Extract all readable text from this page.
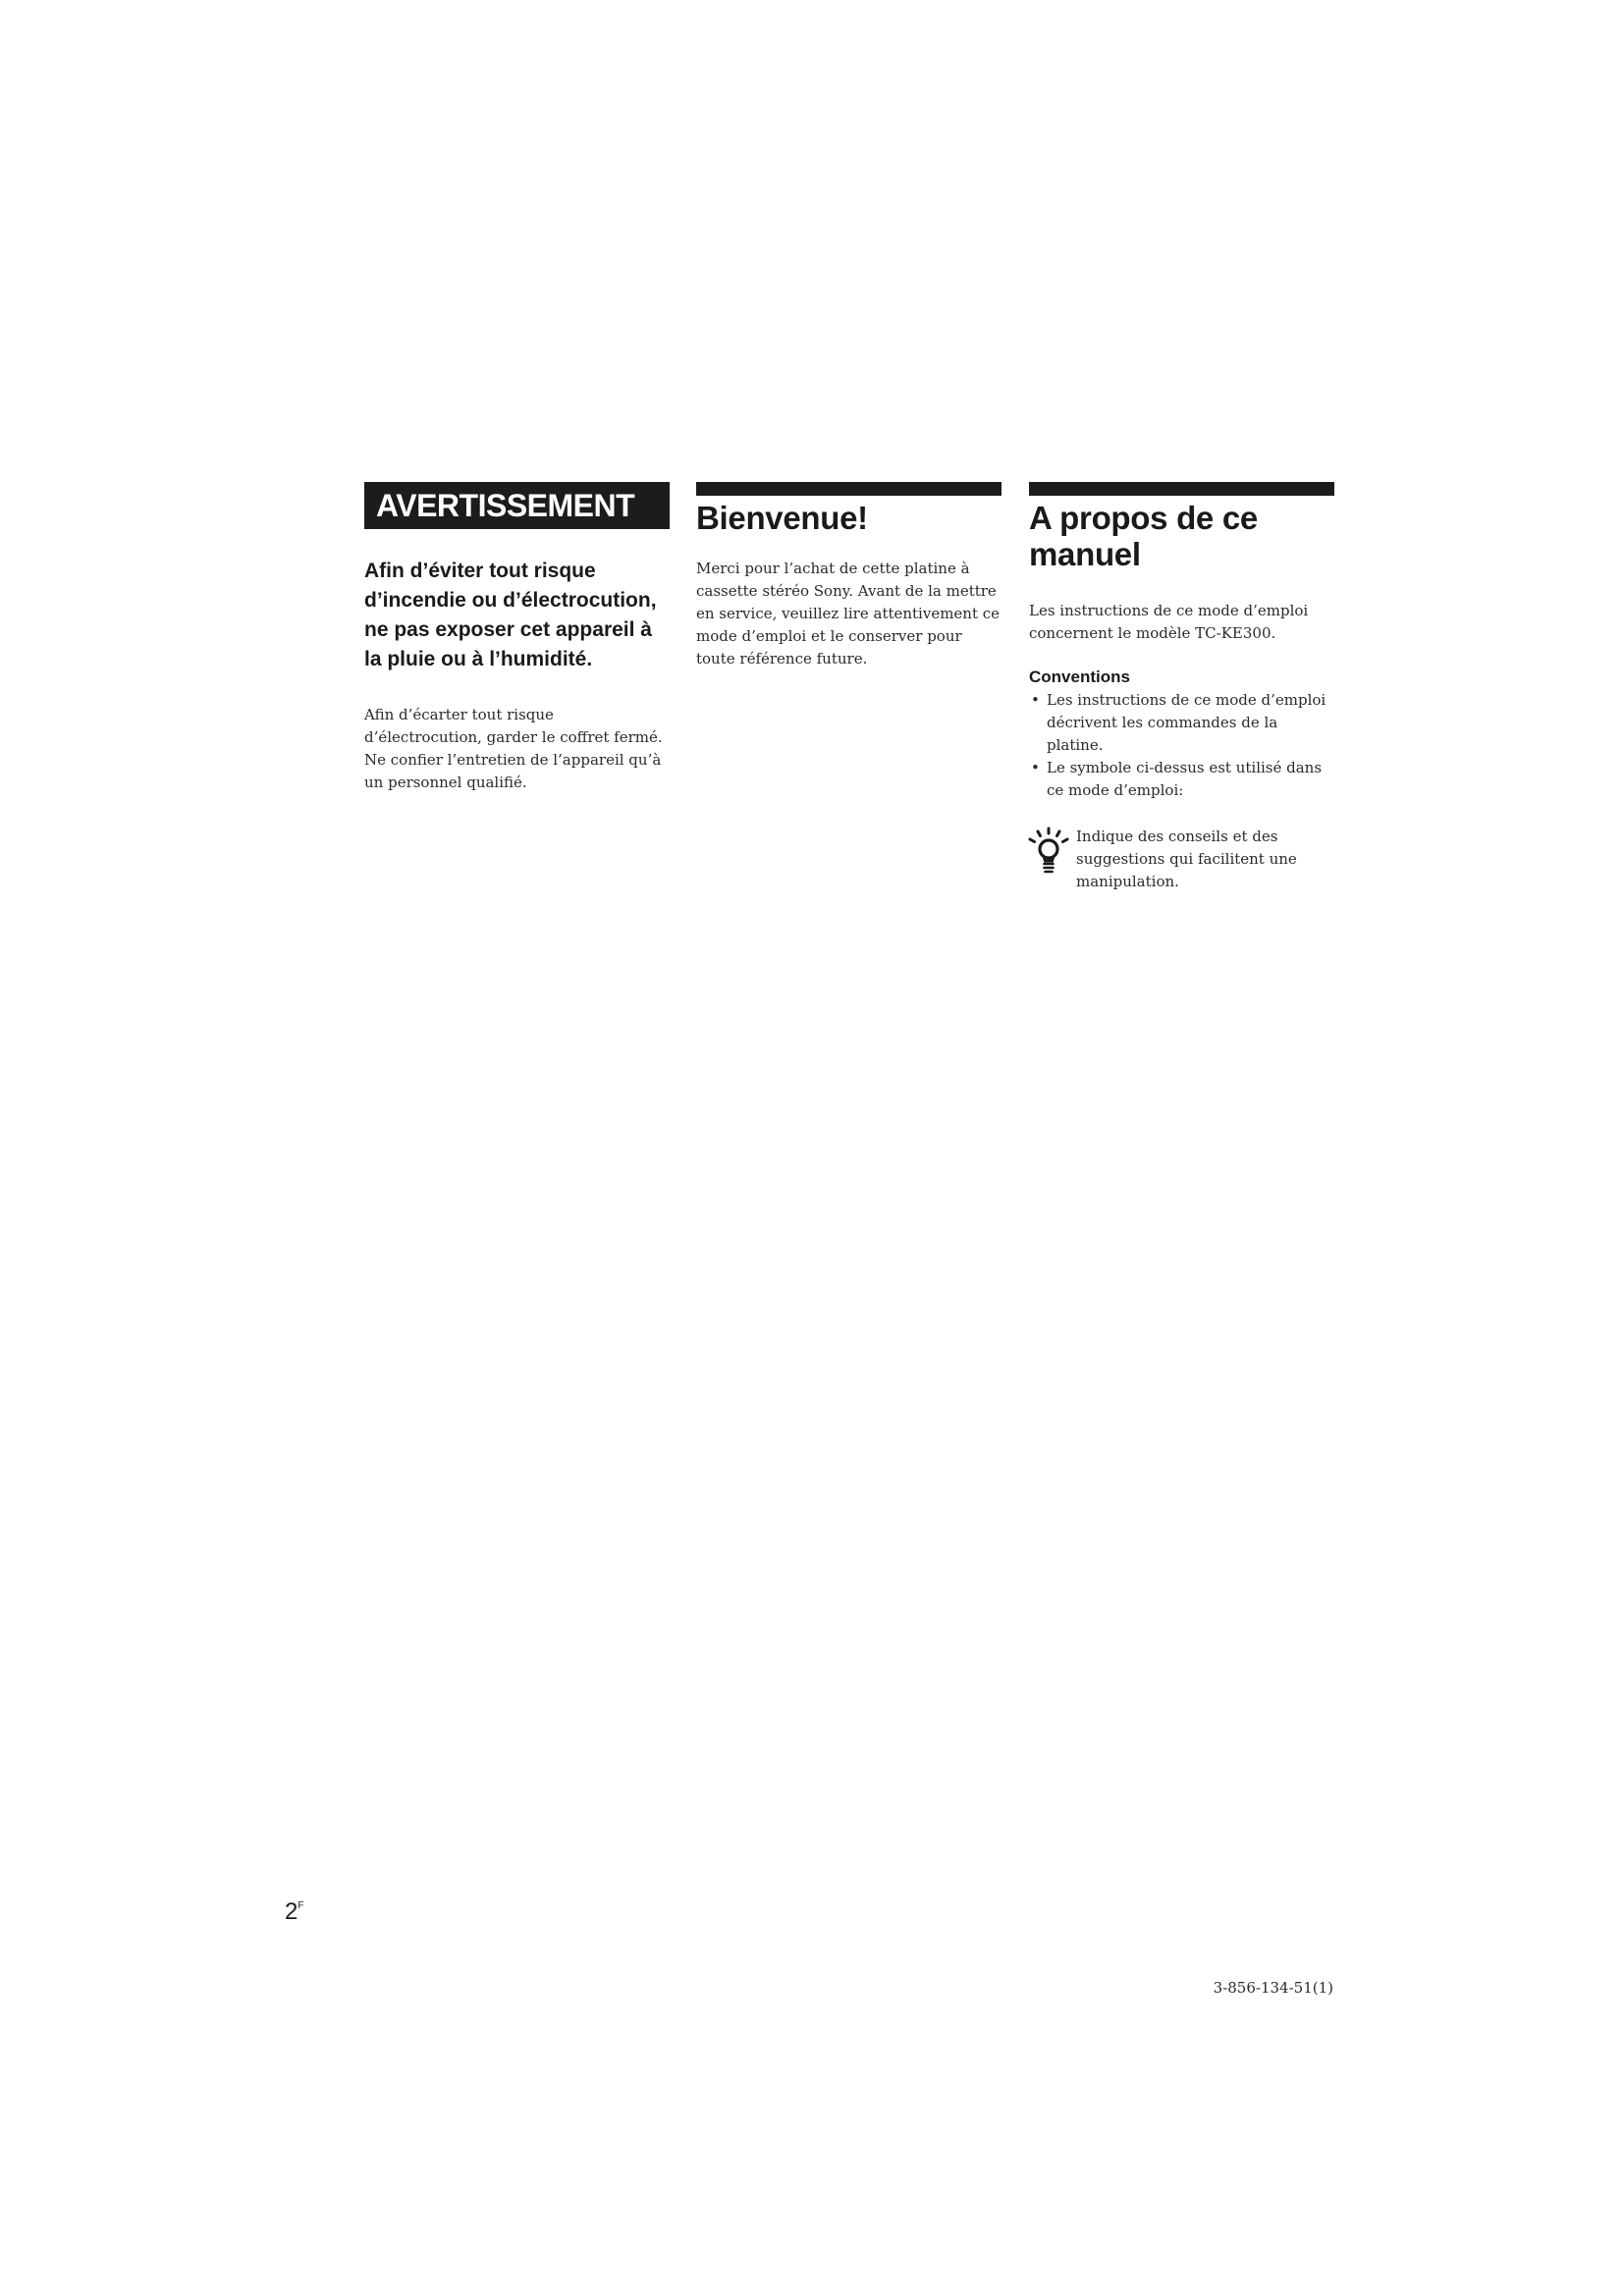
AVERTISSEMENT
Afin d’éviter tout risque d’incendie ou d’électrocution, ne pas exposer cet appareil à la pluie ou à l’humidité.
Afin d’écarter tout risque d’électrocution, garder le coffret fermé. Ne confier l’entretien de l’appareil qu’à un personnel qualifié.
Bienvenue!
Merci pour l’achat de cette platine à cassette stéréo Sony. Avant de la mettre en service, veuillez lire attentivement ce mode d’emploi et le conserver pour toute référence future.
A propos de ce manuel
Les instructions de ce mode d’emploi concernent le modèle TC-KE300.
Conventions
• Les instructions de ce mode d’emploi décrivent les commandes de la platine.
• Le symbole ci-dessus est utilisé dans ce mode d’emploi:
Indique des conseils et des suggestions qui facilitent une manipulation.
$2^F$
3-856-134-51(1)
